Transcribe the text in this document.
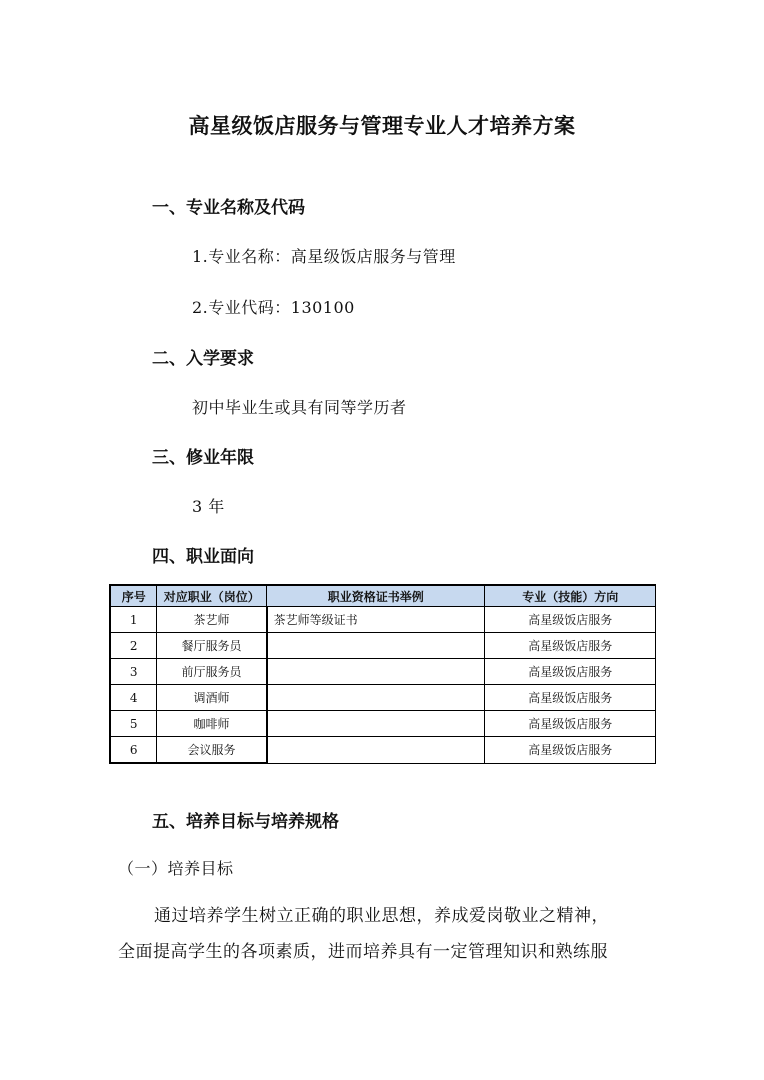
高星级饭店服务与管理专业人才培养方案
一、专业名称及代码
1.专业名称：高星级饭店服务与管理
2.专业代码：130100
二、入学要求
初中毕业生或具有同等学历者
三、修业年限
3 年
四、职业面向
序号	对应职业（岗位）	职业资格证书举例	专业（技能）方向
1	茶艺师	茶艺师等级证书	高星级饭店服务
2	餐厅服务员		高星级饭店服务
3	前厅服务员		高星级饭店服务
4	调酒师		高星级饭店服务
5	咖啡师		高星级饭店服务
6	会议服务		高星级饭店服务
五、培养目标与培养规格
（一）培养目标
通过培养学生树立正确的职业思想，养成爱岗敬业之精神，
全面提高学生的各项素质，进而培养具有一定管理知识和熟练服
